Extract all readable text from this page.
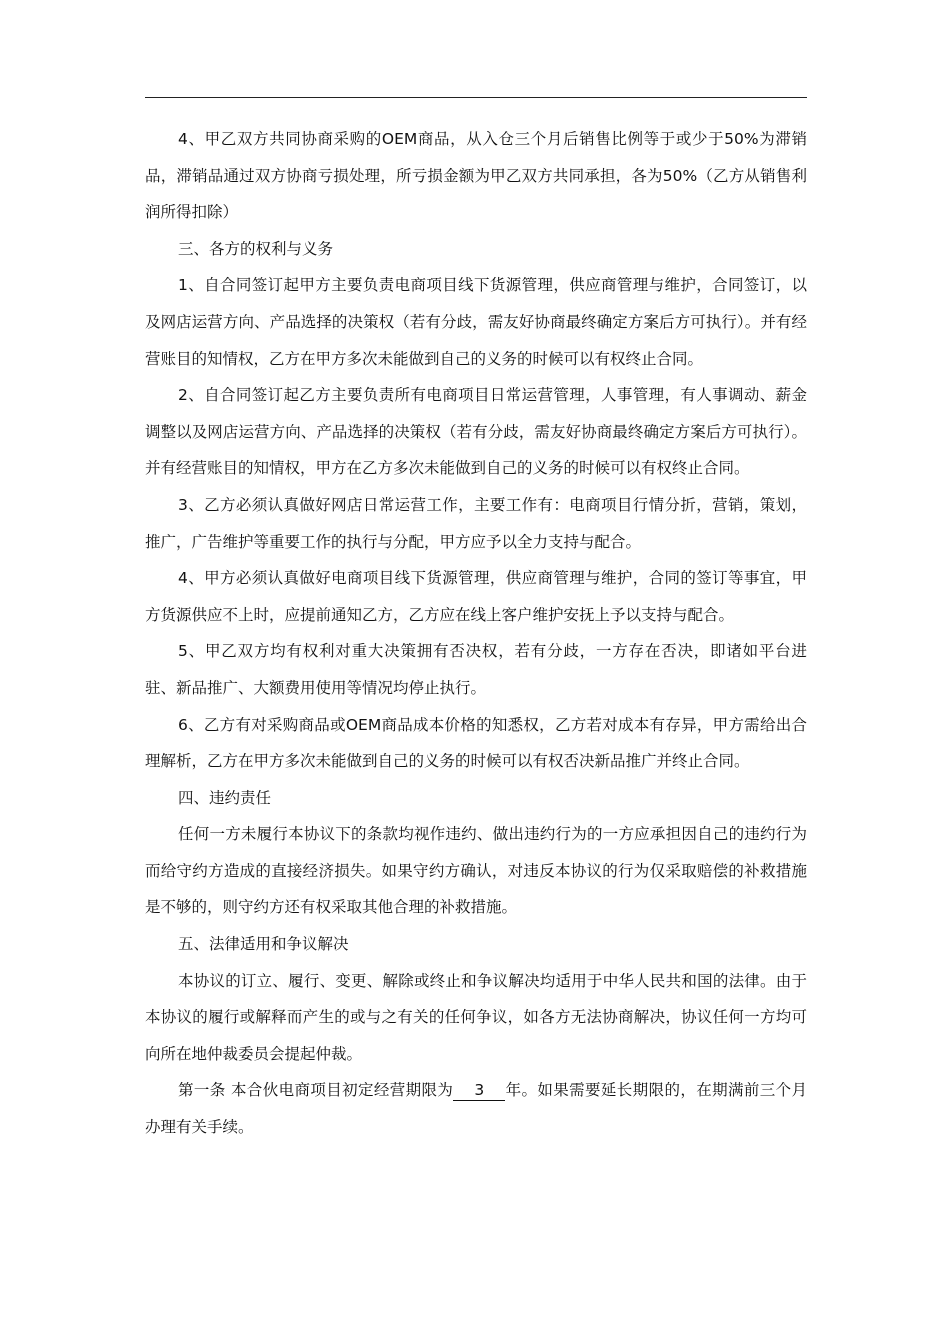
4、甲乙双方共同协商采购的OEM商品，从入仓三个月后销售比例等于或少于50%为滞销品，滞销品通过双方协商亏损处理，所亏损金额为甲乙双方共同承担，各为50%（乙方从销售利润所得扣除）

三、各方的权利与义务

1、自合同签订起甲方主要负责电商项目线下货源管理，供应商管理与维护，合同签订，以及网店运营方向、产品选择的决策权（若有分歧，需友好协商最终确定方案后方可执行）。并有经营账目的知情权，乙方在甲方多次未能做到自己的义务的时候可以有权终止合同。

2、自合同签订起乙方主要负责所有电商项目日常运营管理，人事管理，有人事调动、薪金调整以及网店运营方向、产品选择的决策权（若有分歧，需友好协商最终确定方案后方可执行）。并有经营账目的知情权，甲方在乙方多次未能做到自己的义务的时候可以有权终止合同。

3、乙方必须认真做好网店日常运营工作，主要工作有：电商项目行情分折，营销，策划，推广，广告维护等重要工作的执行与分配，甲方应予以全力支持与配合。

4、甲方必须认真做好电商项目线下货源管理，供应商管理与维护，合同的签订等事宜，甲方货源供应不上时，应提前通知乙方，乙方应在线上客户维护安抚上予以支持与配合。

5、甲乙双方均有权利对重大决策拥有否决权，若有分歧，一方存在否决，即诸如平台进驻、新品推广、大额费用使用等情况均停止执行。

6、乙方有对采购商品或OEM商品成本价格的知悉权，乙方若对成本有存异，甲方需给出合理解析，乙方在甲方多次未能做到自己的义务的时候可以有权否决新品推广并终止合同。

四、违约责任

任何一方未履行本协议下的条款均视作违约、做出违约行为的一方应承担因自己的违约行为而给守约方造成的直接经济损失。如果守约方确认，对违反本协议的行为仅采取赔偿的补救措施是不够的，则守约方还有权采取其他合理的补救措施。

五、法律适用和争议解决

本协议的订立、履行、变更、解除或终止和争议解决均适用于中华人民共和国的法律。由于本协议的履行或解释而产生的或与之有关的任何争议，如各方无法协商解决，协议任何一方均可向所在地仲裁委员会提起仲裁。

第一条 本合伙电商项目初定经营期限为 3 年。如果需要延长期限的，在期满前三个月办理有关手续。
